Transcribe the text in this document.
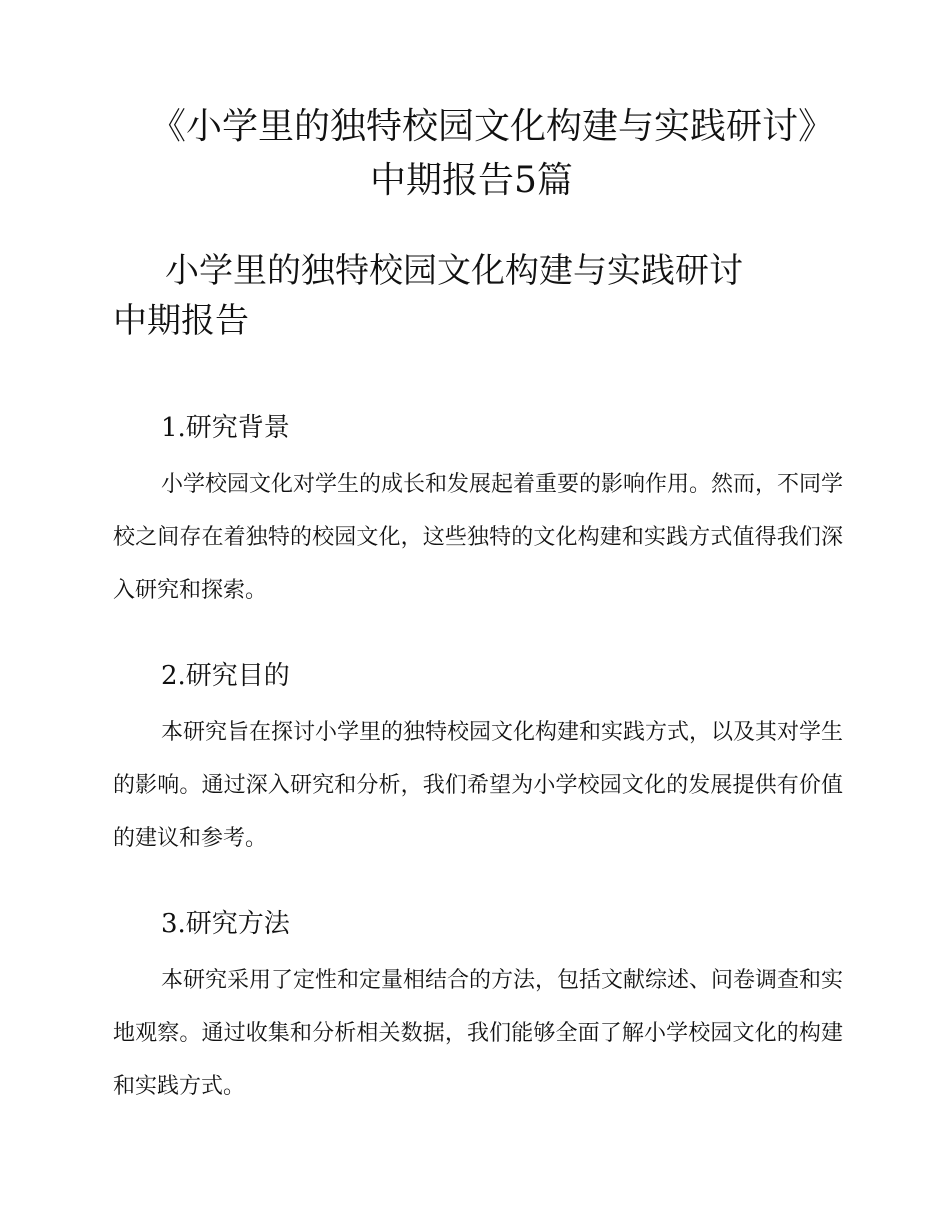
《小学里的独特校园文化构建与实践研讨》
中期报告5篇
小学里的独特校园文化构建与实践研讨
中期报告
1.研究背景

小学校园文化对学生的成长和发展起着重要的影响作用。然而，不同学校之间存在着独特的校园文化，这些独特的文化构建和实践方式值得我们深入研究和探索。

2.研究目的

本研究旨在探讨小学里的独特校园文化构建和实践方式，以及其对学生的影响。通过深入研究和分析，我们希望为小学校园文化的发展提供有价值的建议和参考。

3.研究方法

本研究采用了定性和定量相结合的方法，包括文献综述、问卷调查和实地观察。通过收集和分析相关数据，我们能够全面了解小学校园文化的构建和实践方式。
